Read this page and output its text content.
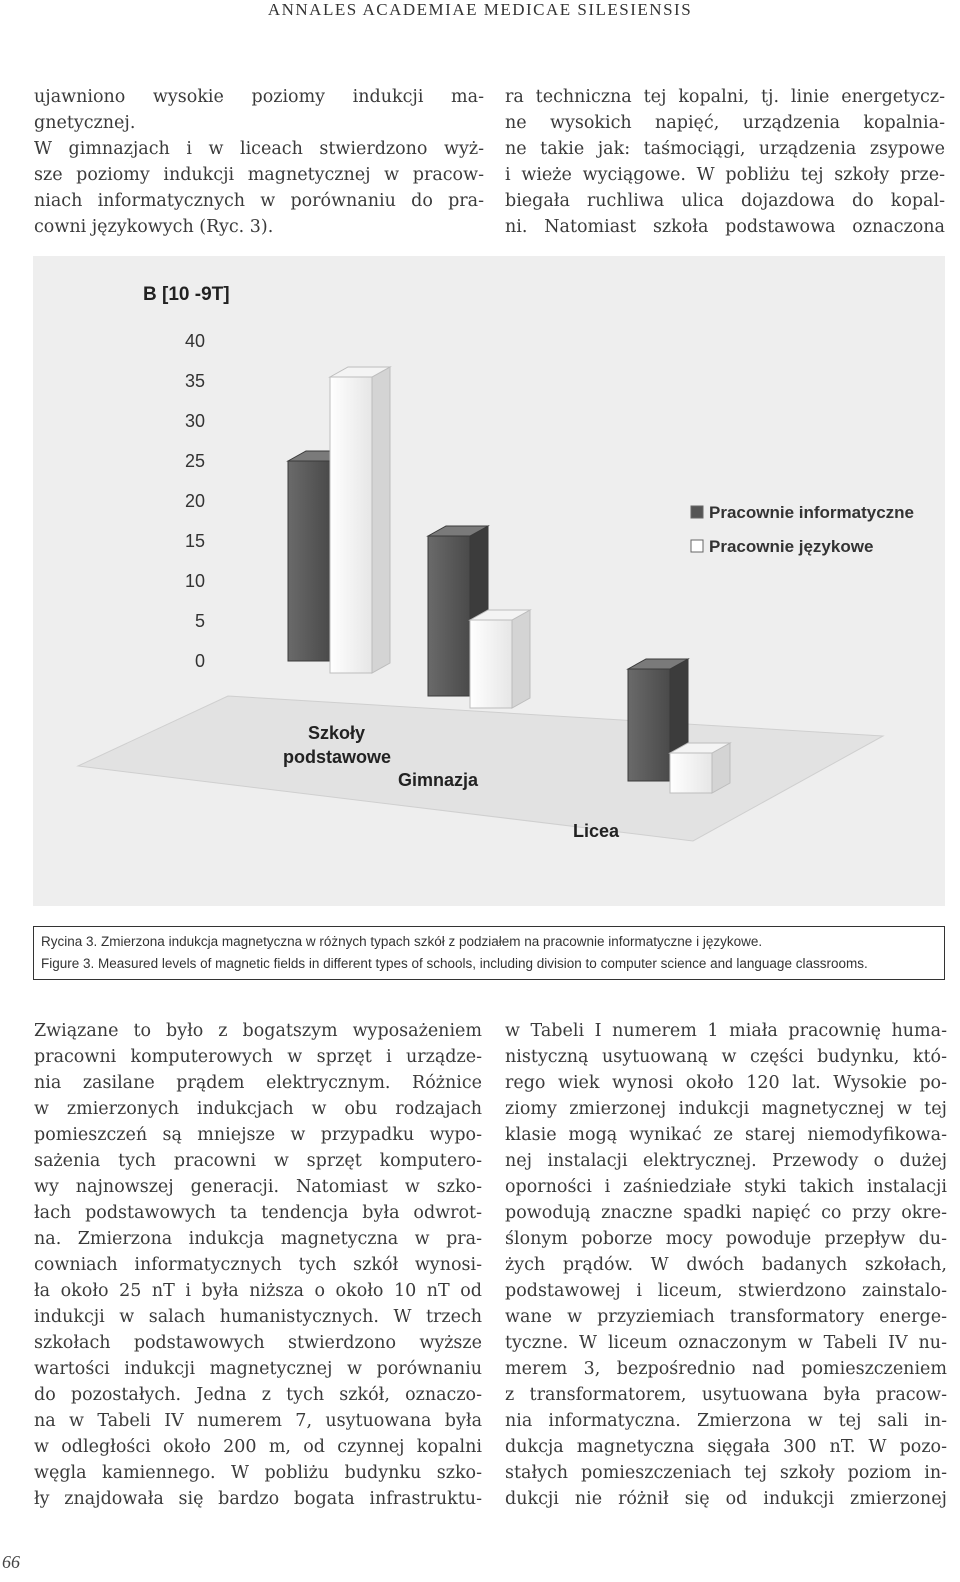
ANNALES ACADEMIAE MEDICAE SILESIENSIS

ujawniono wysokie poziomy indukcji ma-

gnetycznej.

W gimnazjach i w liceach stwierdzono wyż-

sze poziomy indukcji magnetycznej w pracow-

niach informatycznych w porównaniu do pra-

cowni językowych (Ryc. 3).

ra techniczna tej kopalni, tj. linie energetycz-

ne wysokich napięć, urządzenia kopalnia-

ne takie jak: taśmociągi, urządzenia zsypowe

i wieże wyciągowe. W pobliżu tej szkoły prze-

biegała ruchliwa ulica dojazdowa do kopal-

ni. Natomiast szkoła podstawowa oznaczona

0
5
10
15
20
25
30
35
40
Szkoły
podstawowe
Gimnazja
Licea
Pracownie informatyczne
Pracownie językowe
B [10 -9T]
Rycina 3. Zmierzona indukcja magnetyczna w różnych typach szkół z podziałem na pracownie informatyczne i językowe.
Figure 3. Measured levels of magnetic fields in different types of schools, including division to computer science and language classrooms.

Związane to było z bogatszym wyposażeniem

pracowni komputerowych w sprzęt i urządze-

nia zasilane prądem elektrycznym. Różnice

w zmierzonych indukcjach w obu rodzajach

pomieszczeń są mniejsze w przypadku wypo-

sażenia tych pracowni w sprzęt komputero-

wy najnowszej generacji. Natomiast w szko-

łach podstawowych ta tendencja była odwrot-

na. Zmierzona indukcja magnetyczna w pra-

cowniach informatycznych tych szkół wynosi-

ła około 25 nT i była niższa o około 10 nT od

indukcji w salach humanistycznych. W trzech

szkołach podstawowych stwierdzono wyższe

wartości indukcji magnetycznej w porównaniu

do pozostałych. Jedna z tych szkół, oznaczo-

na w Tabeli IV numerem 7, usytuowana była

w odległości około 200 m, od czynnej kopalni

węgla kamiennego. W pobliżu budynku szko-

ły znajdowała się bardzo bogata infrastruktu-

w Tabeli I numerem 1 miała pracownię huma-

nistyczną usytuowaną w części budynku, któ-

rego wiek wynosi około 120 lat. Wysokie po-

ziomy zmierzonej indukcji magnetycznej w tej

klasie mogą wynikać ze starej niemodyfikowa-

nej instalacji elektrycznej. Przewody o dużej

oporności i zaśniedziałe styki takich instalacji

powodują znaczne spadki napięć co przy okre-

ślonym poborze mocy powoduje przepływ du-

żych prądów. W dwóch badanych szkołach,

podstawowej i liceum, stwierdzono zainstalo-

wane w przyziemiach transformatory energe-

tyczne. W liceum oznaczonym w Tabeli IV nu-

merem 3, bezpośrednio nad pomieszczeniem

z transformatorem, usytuowana była pracow-

nia informatyczna. Zmierzona w tej sali in-

dukcja magnetyczna sięgała 300 nT. W pozo-

stałych pomieszczeniach tej szkoły poziom in-

dukcji nie różnił się od indukcji zmierzonej

66
